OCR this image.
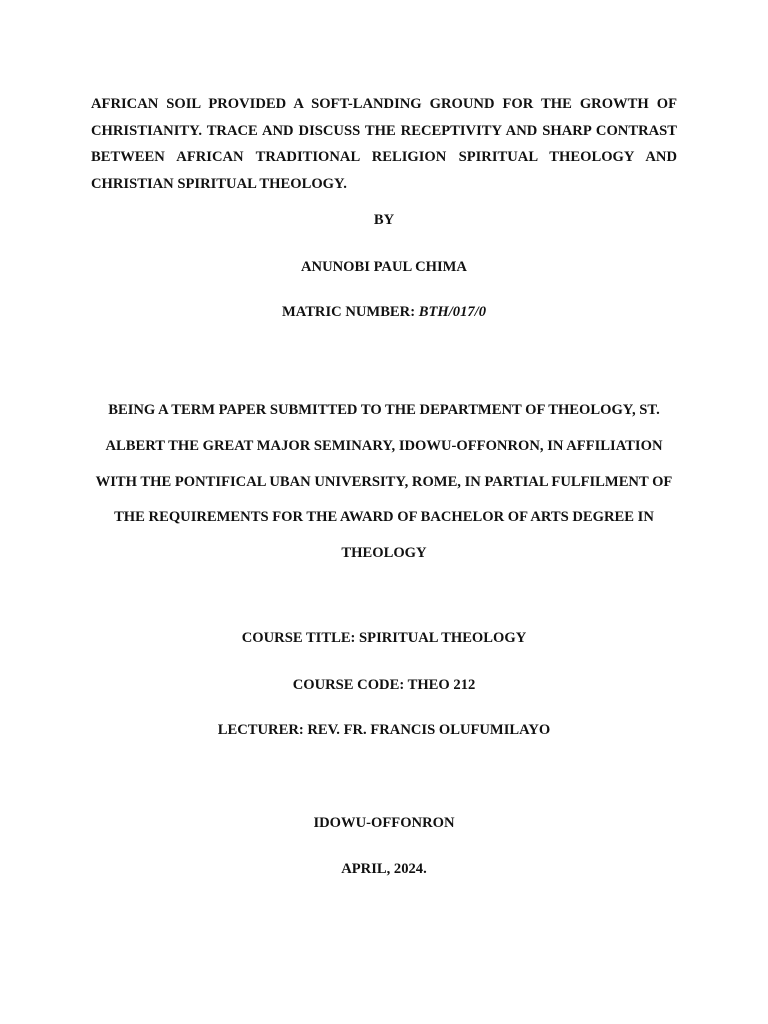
AFRICAN SOIL PROVIDED A SOFT-LANDING GROUND FOR THE GROWTH OF CHRISTIANITY. TRACE AND DISCUSS THE RECEPTIVITY AND SHARP CONTRAST BETWEEN AFRICAN TRADITIONAL RELIGION SPIRITUAL THEOLOGY AND CHRISTIAN SPIRITUAL THEOLOGY.

BY

ANUNOBI PAUL CHIMA

MATRIC NUMBER: BTH/017/0

BEING A TERM PAPER SUBMITTED TO THE DEPARTMENT OF THEOLOGY, ST. ALBERT THE GREAT MAJOR SEMINARY, IDOWU-OFFONRON, IN AFFILIATION WITH THE PONTIFICAL UBAN UNIVERSITY, ROME, IN PARTIAL FULFILMENT OF THE REQUIREMENTS FOR THE AWARD OF BACHELOR OF ARTS DEGREE IN THEOLOGY

COURSE TITLE: SPIRITUAL THEOLOGY

COURSE CODE: THEO 212

LECTURER: REV. FR. FRANCIS OLUFUMILAYO

IDOWU-OFFONRON

APRIL, 2024.
